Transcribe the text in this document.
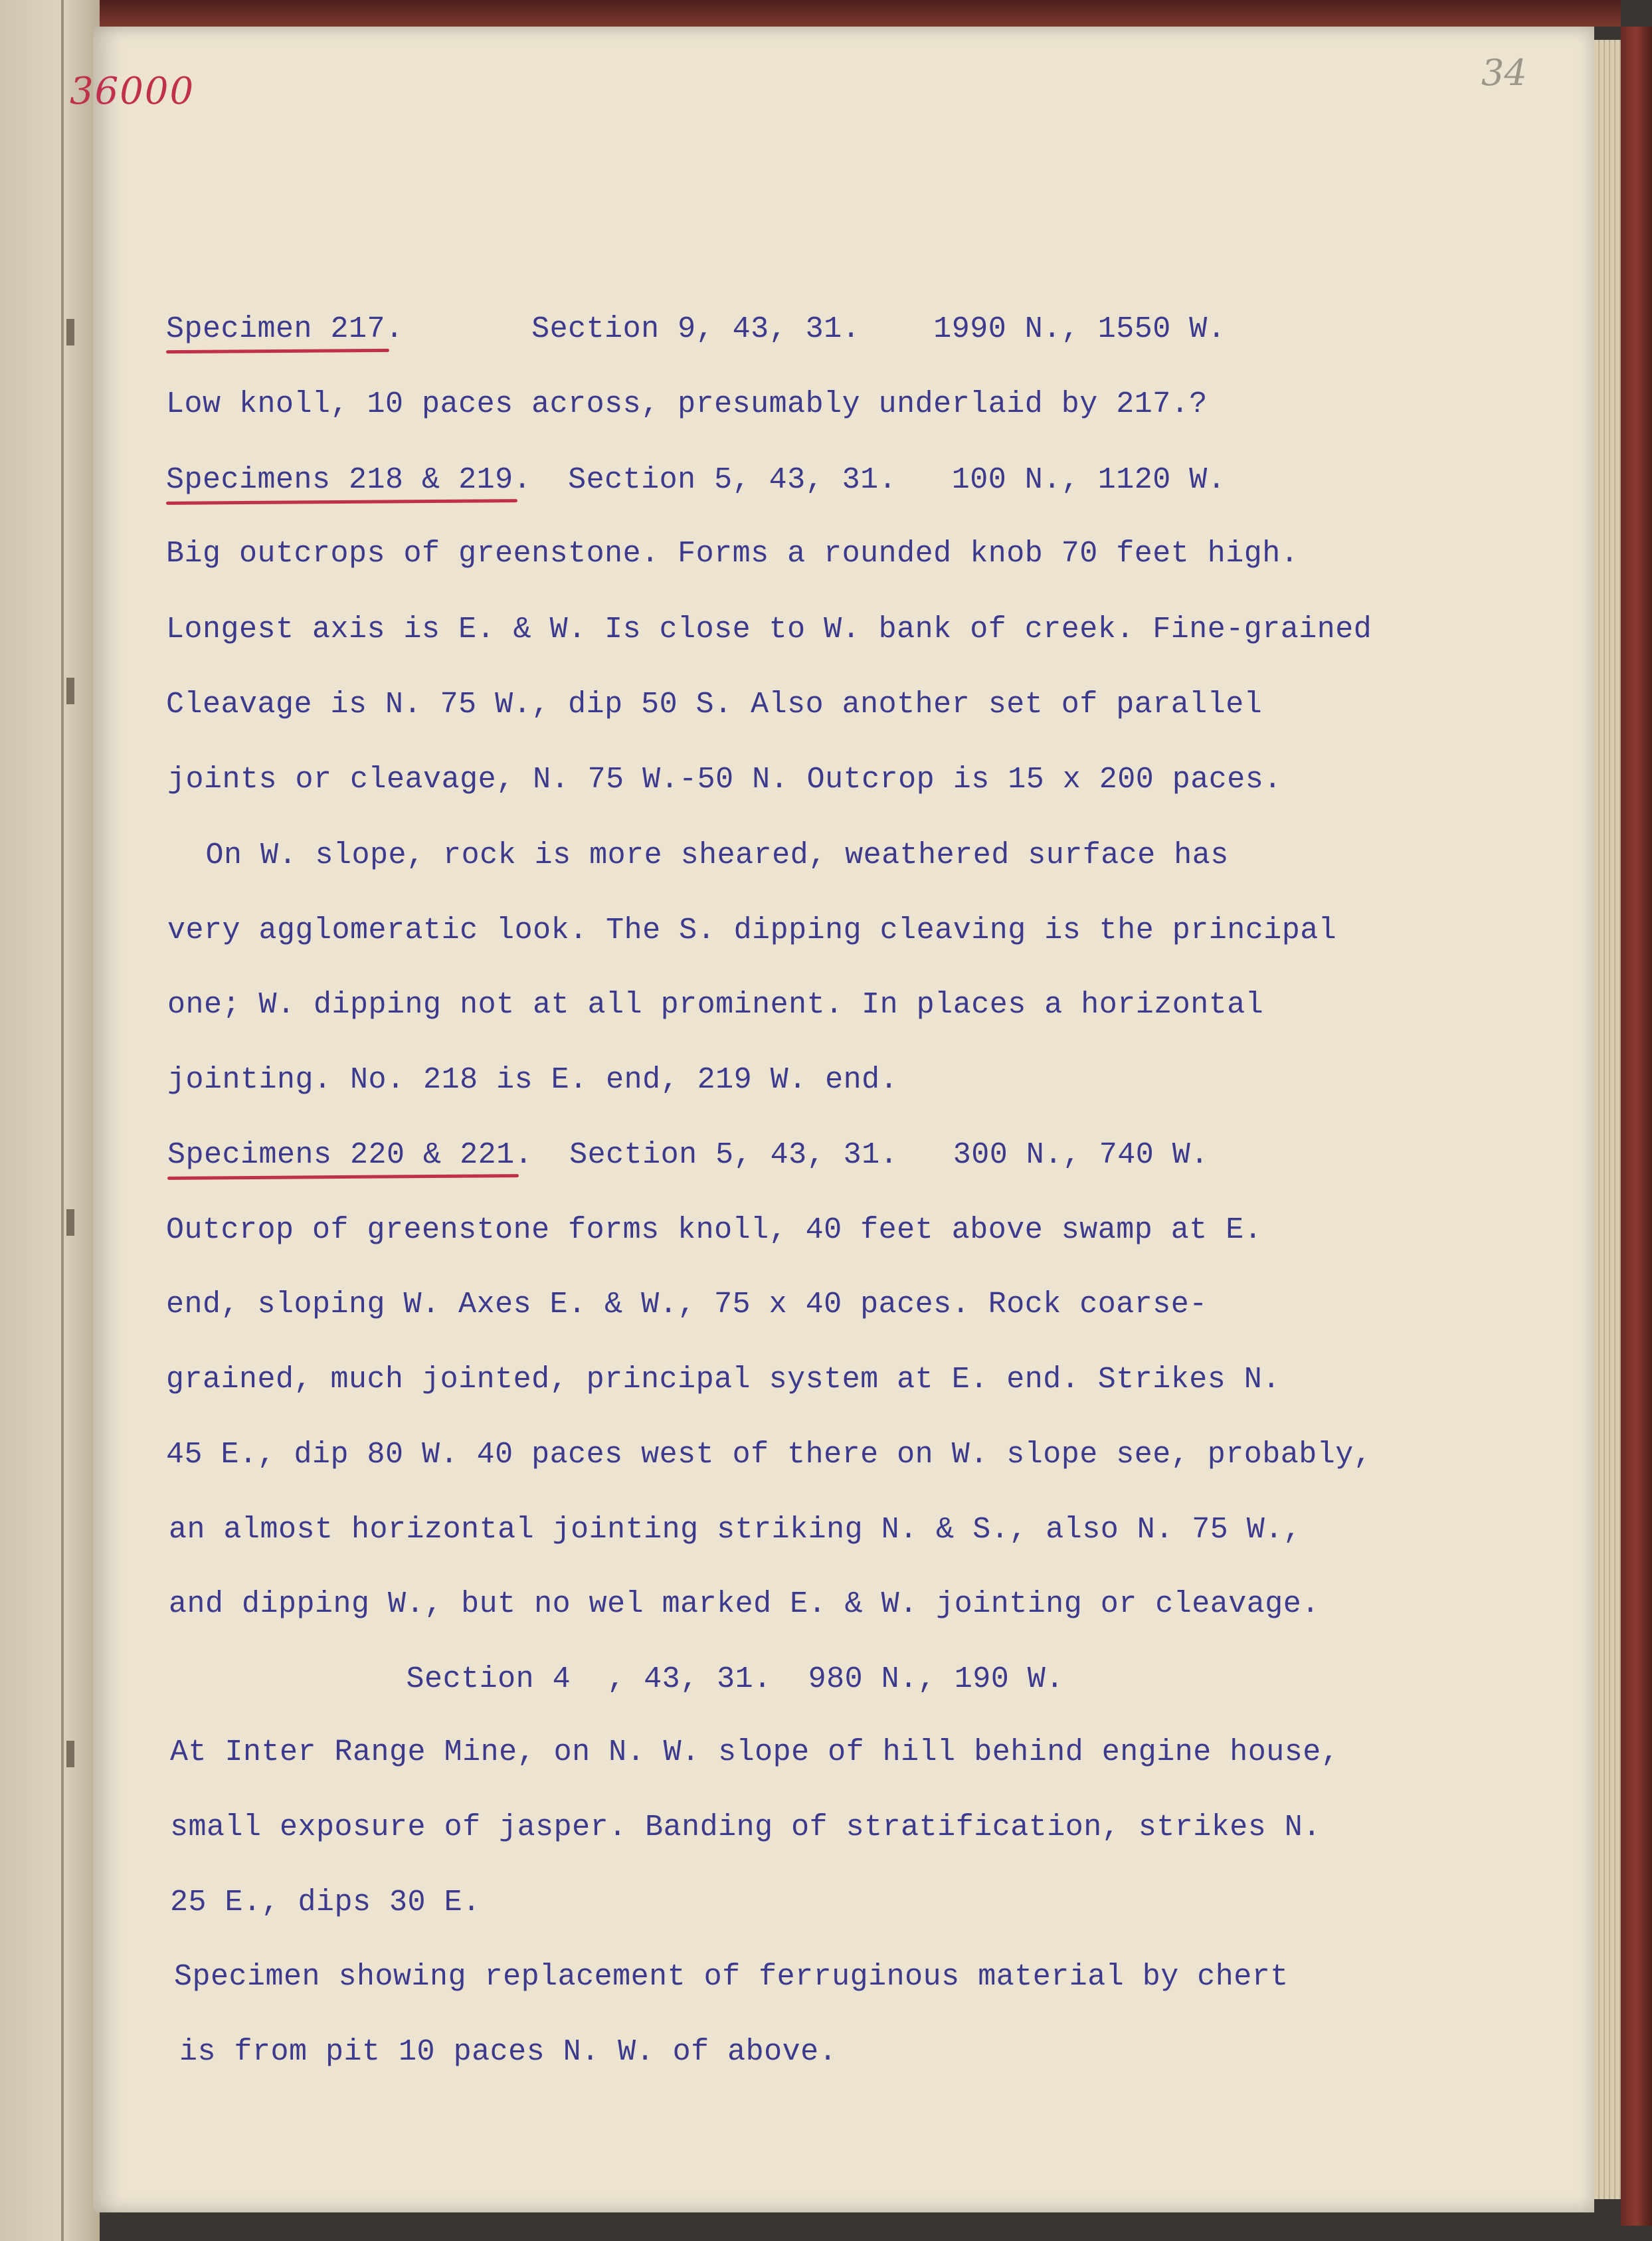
36000	34
Specimen 217.       Section 9, 43, 31.    1990 N., 1550 W.
Low knoll, 10 paces across, presumably underlaid by 217.?
Specimens 218 & 219.  Section 5, 43, 31.   100 N., 1120 W.
Big outcrops of greenstone. Forms a rounded knob 70 feet high.
Longest axis is E. & W. Is close to W. bank of creek. Fine-grained
Cleavage is N. 75 W., dip 50 S. Also another set of parallel
joints or cleavage, N. 75 W.-50 N. Outcrop is 15 x 200 paces.
On W. slope, rock is more sheared, weathered surface has
very agglomeratic look. The S. dipping cleaving is the principal
one; W. dipping not at all prominent. In places a horizontal
jointing. No. 218 is E. end, 219 W. end.
Specimens 220 & 221.  Section 5, 43, 31.   300 N., 740 W.
Outcrop of greenstone forms knoll, 40 feet above swamp at E.
end, sloping W. Axes E. & W., 75 x 40 paces. Rock coarse-
grained, much jointed, principal system at E. end. Strikes N.
45 E., dip 80 W. 40 paces west of there on W. slope see, probably,
an almost horizontal jointing striking N. & S., also N. 75 W.,
and dipping W., but no wel marked E. & W. jointing or cleavage.
Section 4  , 43, 31.  980 N., 190 W.
At Inter Range Mine, on N. W. slope of hill behind engine house,
small exposure of jasper. Banding of stratification, strikes N.
25 E., dips 30 E.
Specimen showing replacement of ferruginous material by chert
is from pit 10 paces N. W. of above.
